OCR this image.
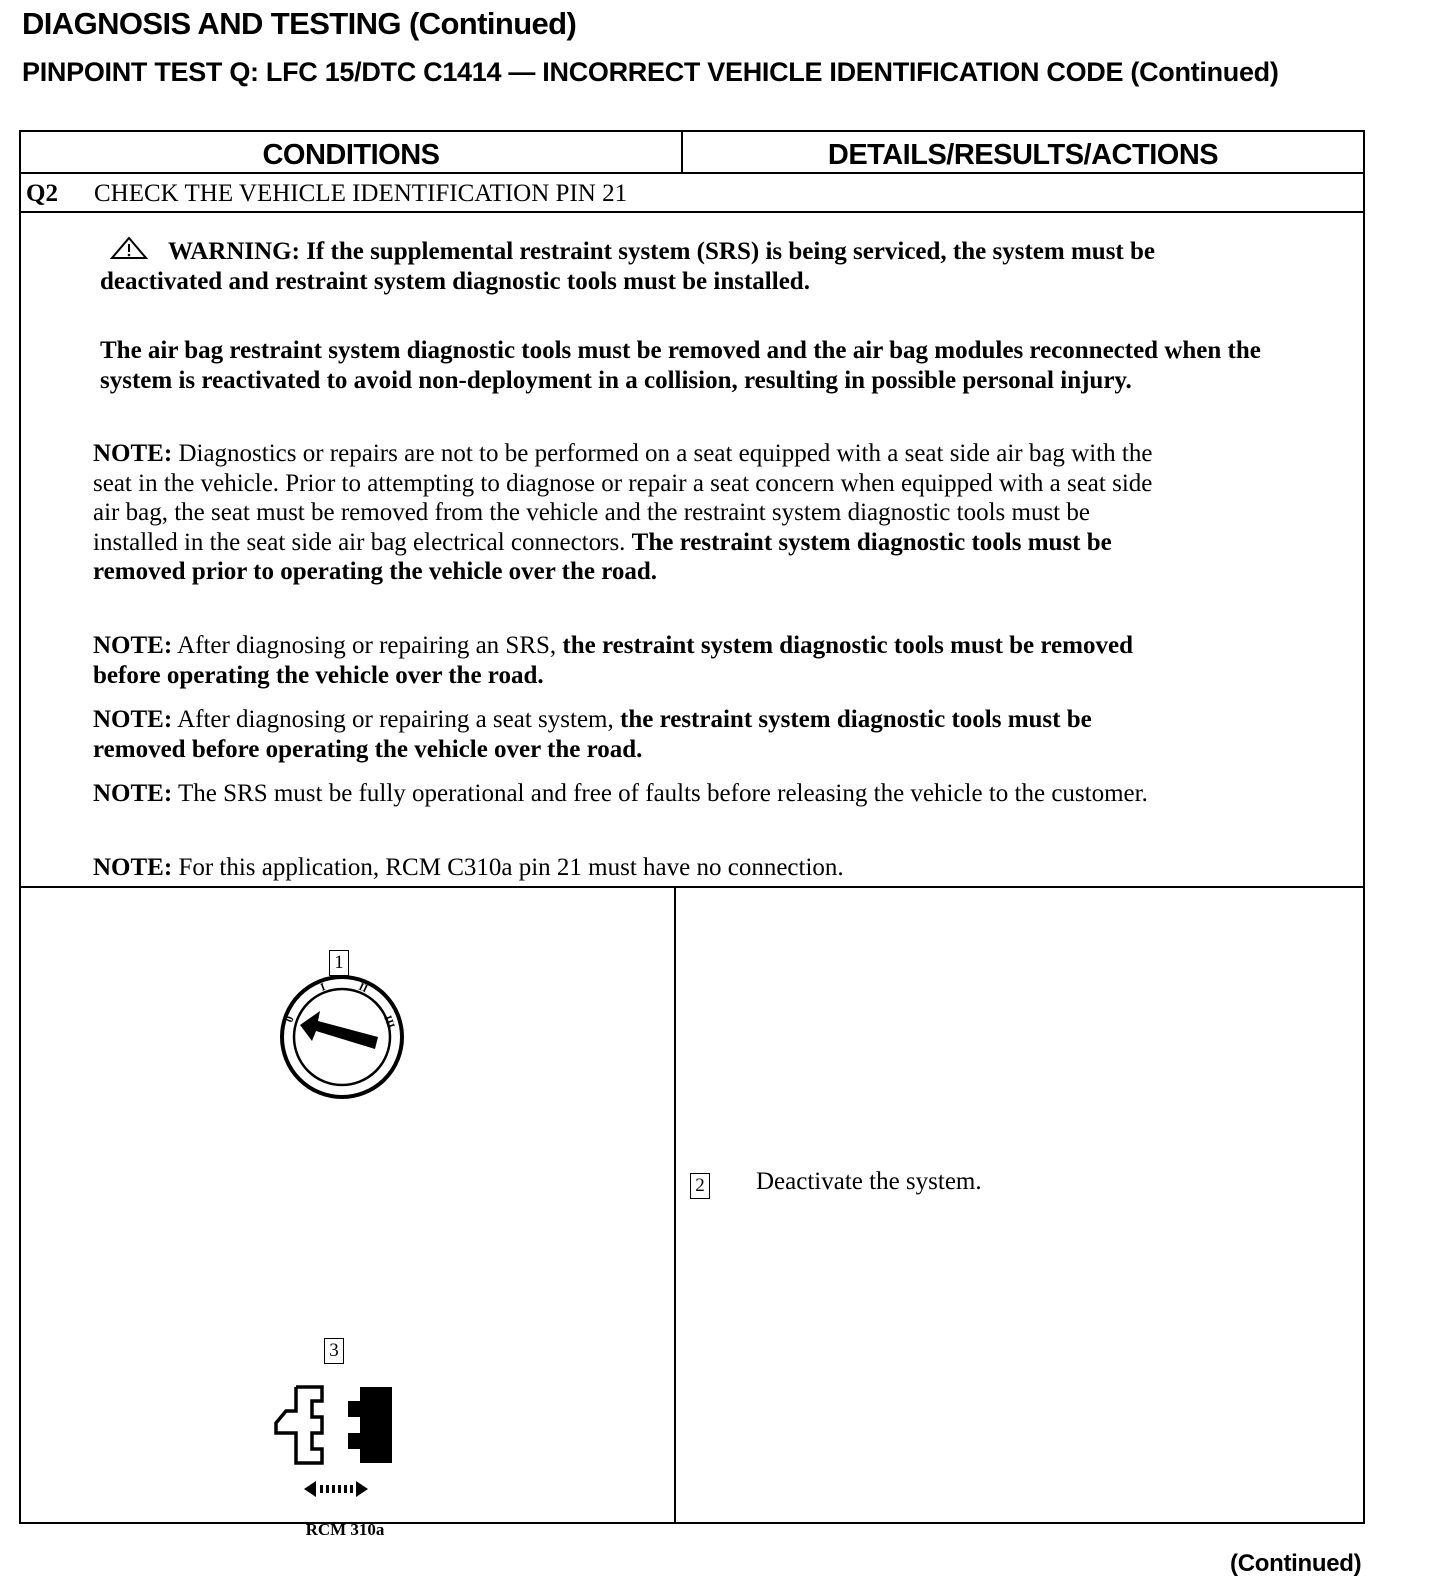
DIAGNOSIS AND TESTING (Continued)
PINPOINT TEST Q: LFC 15/DTC C1414 — INCORRECT VEHICLE IDENTIFICATION CODE (Continued)
CONDITIONS	DETAILS/RESULTS/ACTIONS
Q2 CHECK THE VEHICLE IDENTIFICATION PIN 21
WARNING: If the supplemental restraint system (SRS) is being serviced, the system must be deactivated and restraint system diagnostic tools must be installed.
The air bag restraint system diagnostic tools must be removed and the air bag modules reconnected when the system is reactivated to avoid non-deployment in a collision, resulting in possible personal injury.
NOTE: Diagnostics or repairs are not to be performed on a seat equipped with a seat side air bag with the seat in the vehicle. Prior to attempting to diagnose or repair a seat concern when equipped with a seat side air bag, the seat must be removed from the vehicle and the restraint system diagnostic tools must be installed in the seat side air bag electrical connectors. The restraint system diagnostic tools must be removed prior to operating the vehicle over the road.
NOTE: After diagnosing or repairing an SRS, the restraint system diagnostic tools must be removed before operating the vehicle over the road.
NOTE: After diagnosing or repairing a seat system, the restraint system diagnostic tools must be removed before operating the vehicle over the road.
NOTE: The SRS must be fully operational and free of faults before releasing the vehicle to the customer.
NOTE: For this application, RCM C310a pin 21 must have no connection.
1
0
I	II
III
3
RCM 310a
2 Deactivate the system.
(Continued)
